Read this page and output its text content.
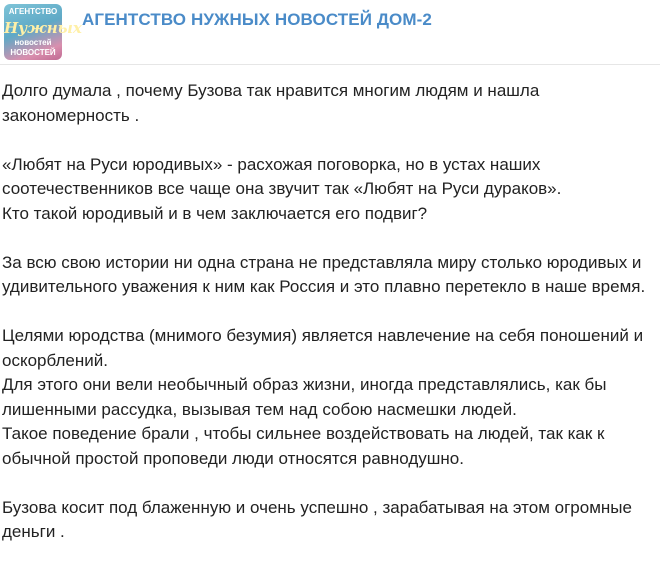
АГЕНТСТВО
Нужных
новостей
НОВОСТЕЙ
АГЕНТСТВО НУЖНЫХ НОВОСТЕЙ ДОМ-2

Долго думала , почему Бузова так нравится многим людям и нашла
закономерность .

«Любят на Руси юродивых» - расхожая поговорка, но в устах наших
соотечественников все чаще она звучит так «Любят на Руси дураков».
Кто такой юродивый и в чем заключается его подвиг?

За всю свою истории ни одна страна не представляла миру столько юродивых и
удивительного уважения к ним как Россия и это плавно перетекло в наше время.

Целями юродства (мнимого безумия) является навлечение на себя поношений и
оскорблений.
Для этого они вели необычный образ жизни, иногда представлялись, как бы
лишенными рассудка, вызывая тем над собою насмешки людей.
Такое поведение брали , чтобы сильнее воздействовать на людей, так как к
обычной простой проповеди люди относятся равнодушно.

Бузова косит под блаженную и очень успешно , зарабатывая на этом огромные
деньги .
